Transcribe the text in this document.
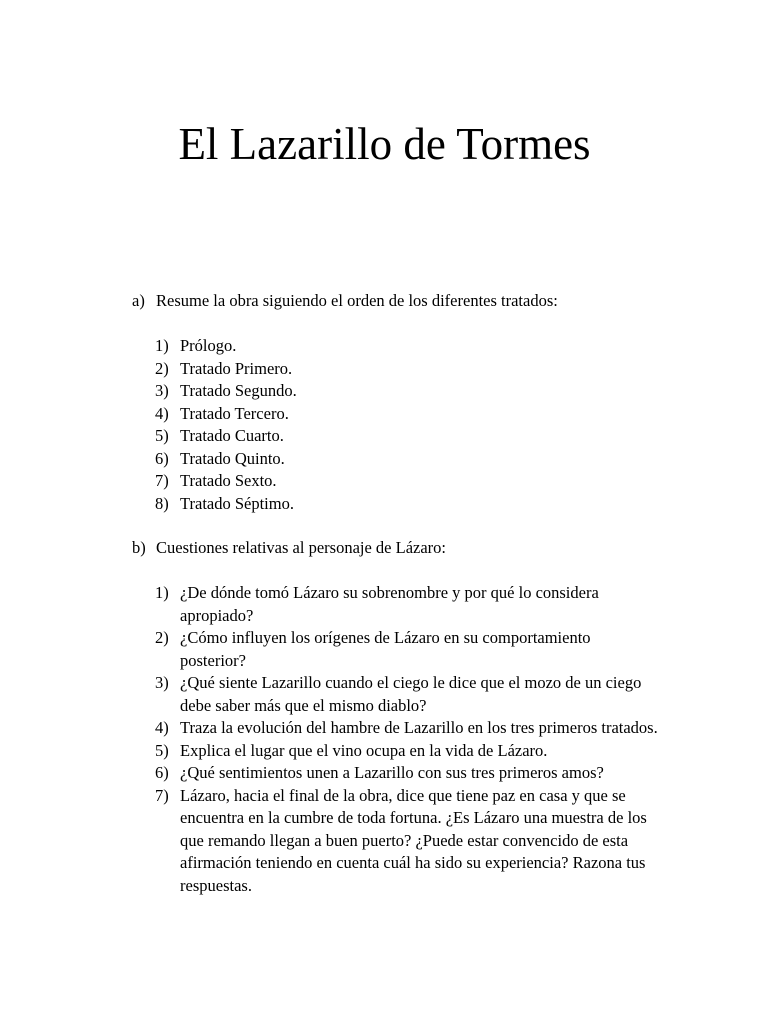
El Lazarillo de Tormes

a) Resume la obra siguiendo el orden de los diferentes tratados:

1) Prólogo.
2) Tratado Primero.
3) Tratado Segundo.
4) Tratado Tercero.
5) Tratado Cuarto.
6) Tratado Quinto.
7) Tratado Sexto.
8) Tratado Séptimo.

b) Cuestiones relativas al personaje de Lázaro:

1) ¿De dónde tomó Lázaro su sobrenombre y por qué lo considera apropiado?
2) ¿Cómo influyen los orígenes de Lázaro en su comportamiento posterior?
3) ¿Qué siente Lazarillo cuando el ciego le dice que el mozo de un ciego debe saber más que el mismo diablo?
4) Traza la evolución del hambre de Lazarillo en los tres primeros tratados.
5) Explica el lugar que el vino ocupa en la vida de Lázaro.
6) ¿Qué sentimientos unen a Lazarillo con sus tres primeros amos?
7) Lázaro, hacia el final de la obra, dice que tiene paz en casa y que se encuentra en la cumbre de toda fortuna. ¿Es Lázaro una muestra de los que remando llegan a buen puerto? ¿Puede estar convencido de esta afirmación teniendo en cuenta cuál ha sido su experiencia? Razona tus respuestas.
